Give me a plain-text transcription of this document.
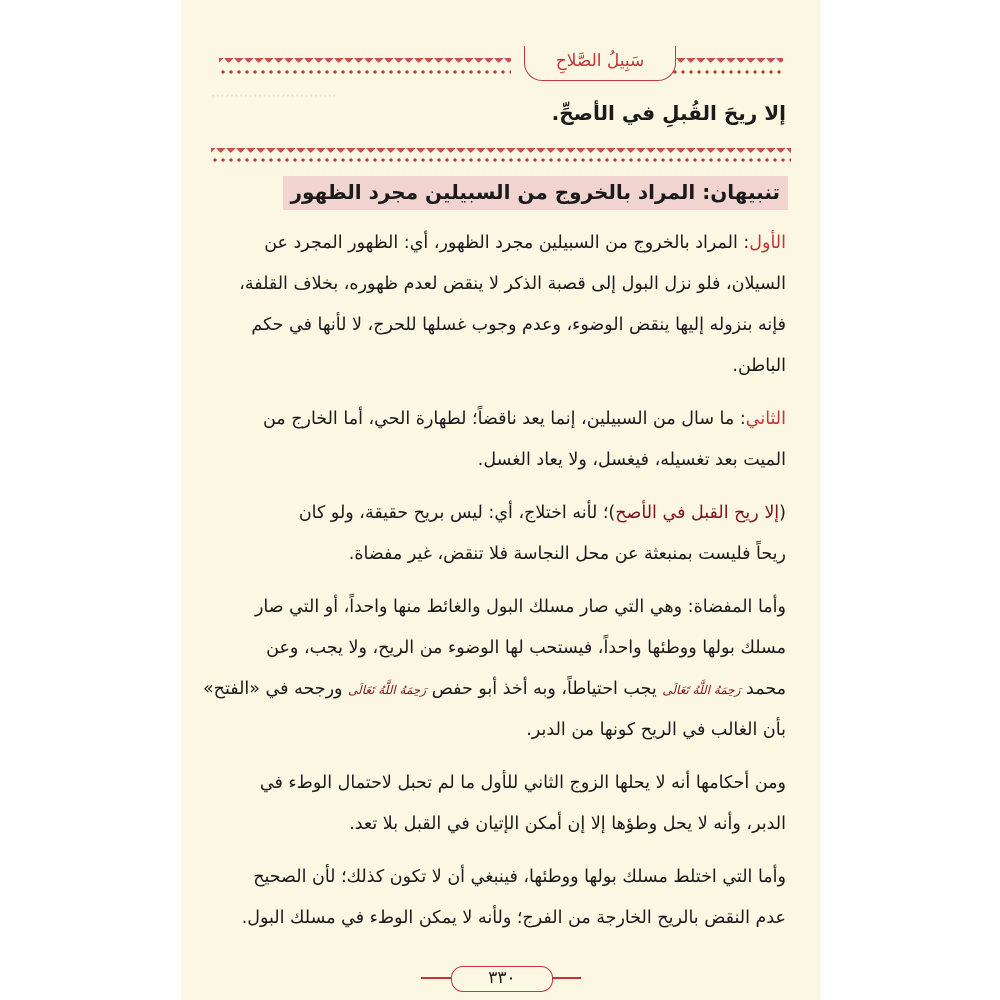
سَبِيلُ الصَّلاحِ
⋯⋯⋯⋯⋯⋯⋯⋯⋯
إلا ريحَ القُبلِ في الأصحِّ.
تنبيهان: المراد بالخروج من السبيلين مجرد الظهور
الأول: المراد بالخروج من السبيلين مجرد الظهور، أي: الظهور المجرد عن
السيلان، فلو نزل البول إلى قصبة الذكر لا ينقض لعدم ظهوره، بخلاف القلفة،
فإنه بنزوله إليها ينقض الوضوء، وعدم وجوب غسلها للحرج، لا لأنها في حكم
الباطن.
الثاني: ما سال من السبيلين، إنما يعد ناقضاً؛ لطهارة الحي، أما الخارج من
الميت بعد تغسيله، فيغسل، ولا يعاد الغسل.
(إلا ريح القبل في الأصح)؛ لأنه اختلاج، أي: ليس بريح حقيقة، ولو كان
ريحاً فليست بمنبعثة عن محل النجاسة فلا تنقض، غير مفضاة.
وأما المفضاة: وهي التي صار مسلك البول والغائط منها واحداً، أو التي صار
مسلك بولها ووطئها واحداً، فيستحب لها الوضوء من الريح، ولا يجب، وعن
محمد رَحِمَهُ اللَّهُ تَعَالَى يجب احتياطاً، وبه أخذ أبو حفص رَحِمَهُ اللَّهُ تَعَالَى ورجحه في «الفتح»
بأن الغالب في الريح كونها من الدبر.
ومن أحكامها أنه لا يحلها الزوج الثاني للأول ما لم تحبل لاحتمال الوطء في
الدبر، وأنه لا يحل وطؤها إلا إن أمكن الإتيان في القبل بلا تعد.
وأما التي اختلط مسلك بولها ووطئها، فينبغي أن لا تكون كذلك؛ لأن الصحيح
عدم النقض بالريح الخارجة من الفرج؛ ولأنه لا يمكن الوطء في مسلك البول.
٣٣٠
